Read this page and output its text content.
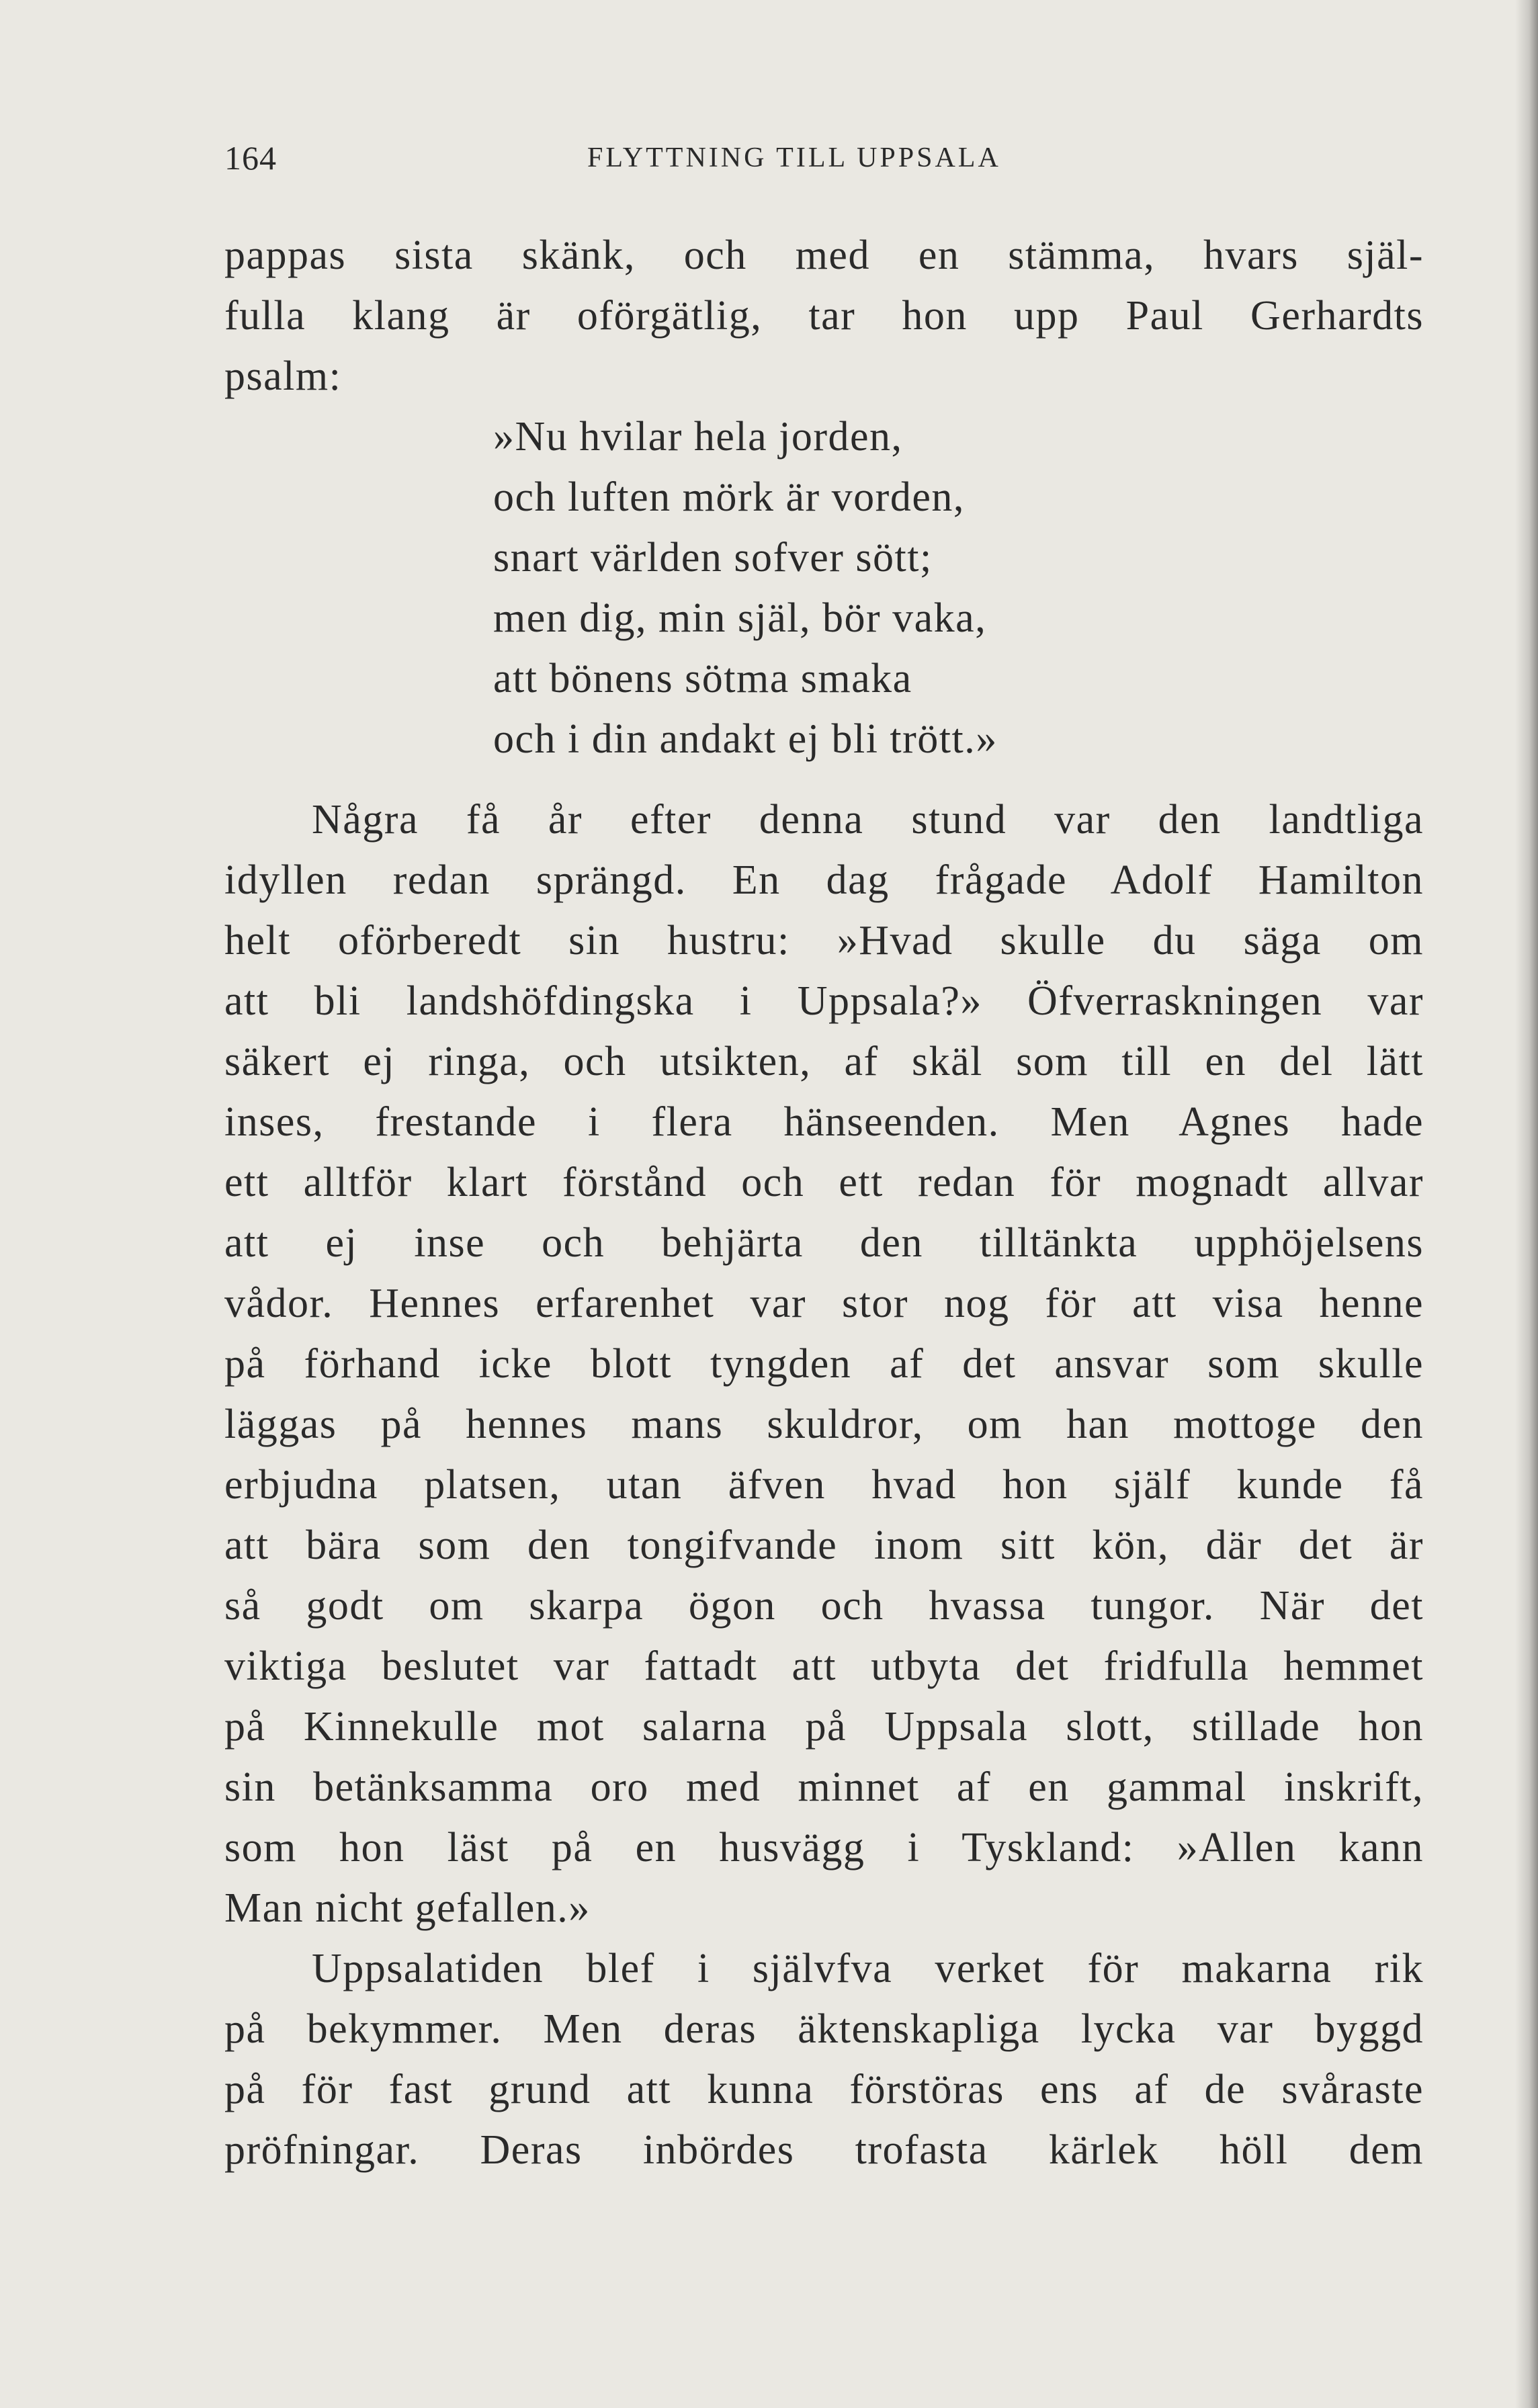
164	FLYTTNING TILL UPPSALA
pappas sista skänk, och med en stämma, hvars själ-
fulla klang är oförgätlig, tar hon upp Paul Gerhardts
psalm:
»Nu hvilar hela jorden,
och luften mörk är vorden,
snart världen sofver sött;
men dig, min själ, bör vaka,
att bönens sötma smaka
och i din andakt ej bli trött.»
Några få år efter denna stund var den landtliga
idyllen redan sprängd. En dag frågade Adolf Hamilton
helt oförberedt sin hustru: »Hvad skulle du säga om
att bli landshöfdingska i Uppsala?» Öfverraskningen var
säkert ej ringa, och utsikten, af skäl som till en del lätt
inses, frestande i flera hänseenden. Men Agnes hade
ett alltför klart förstånd och ett redan för mognadt allvar
att ej inse och behjärta den tilltänkta upphöjelsens
vådor. Hennes erfarenhet var stor nog för att visa henne
på förhand icke blott tyngden af det ansvar som skulle
läggas på hennes mans skuldror, om han mottoge den
erbjudna platsen, utan äfven hvad hon själf kunde få
att bära som den tongifvande inom sitt kön, där det är
så godt om skarpa ögon och hvassa tungor. När det
viktiga beslutet var fattadt att utbyta det fridfulla hemmet
på Kinnekulle mot salarna på Uppsala slott, stillade hon
sin betänksamma oro med minnet af en gammal inskrift,
som hon läst på en husvägg i Tyskland: »Allen kann
Man nicht gefallen.»
Uppsalatiden blef i självfva verket för makarna rik
på bekymmer. Men deras äktenskapliga lycka var byggd
på för fast grund att kunna förstöras ens af de svåraste
pröfningar. Deras inbördes trofasta kärlek höll dem
